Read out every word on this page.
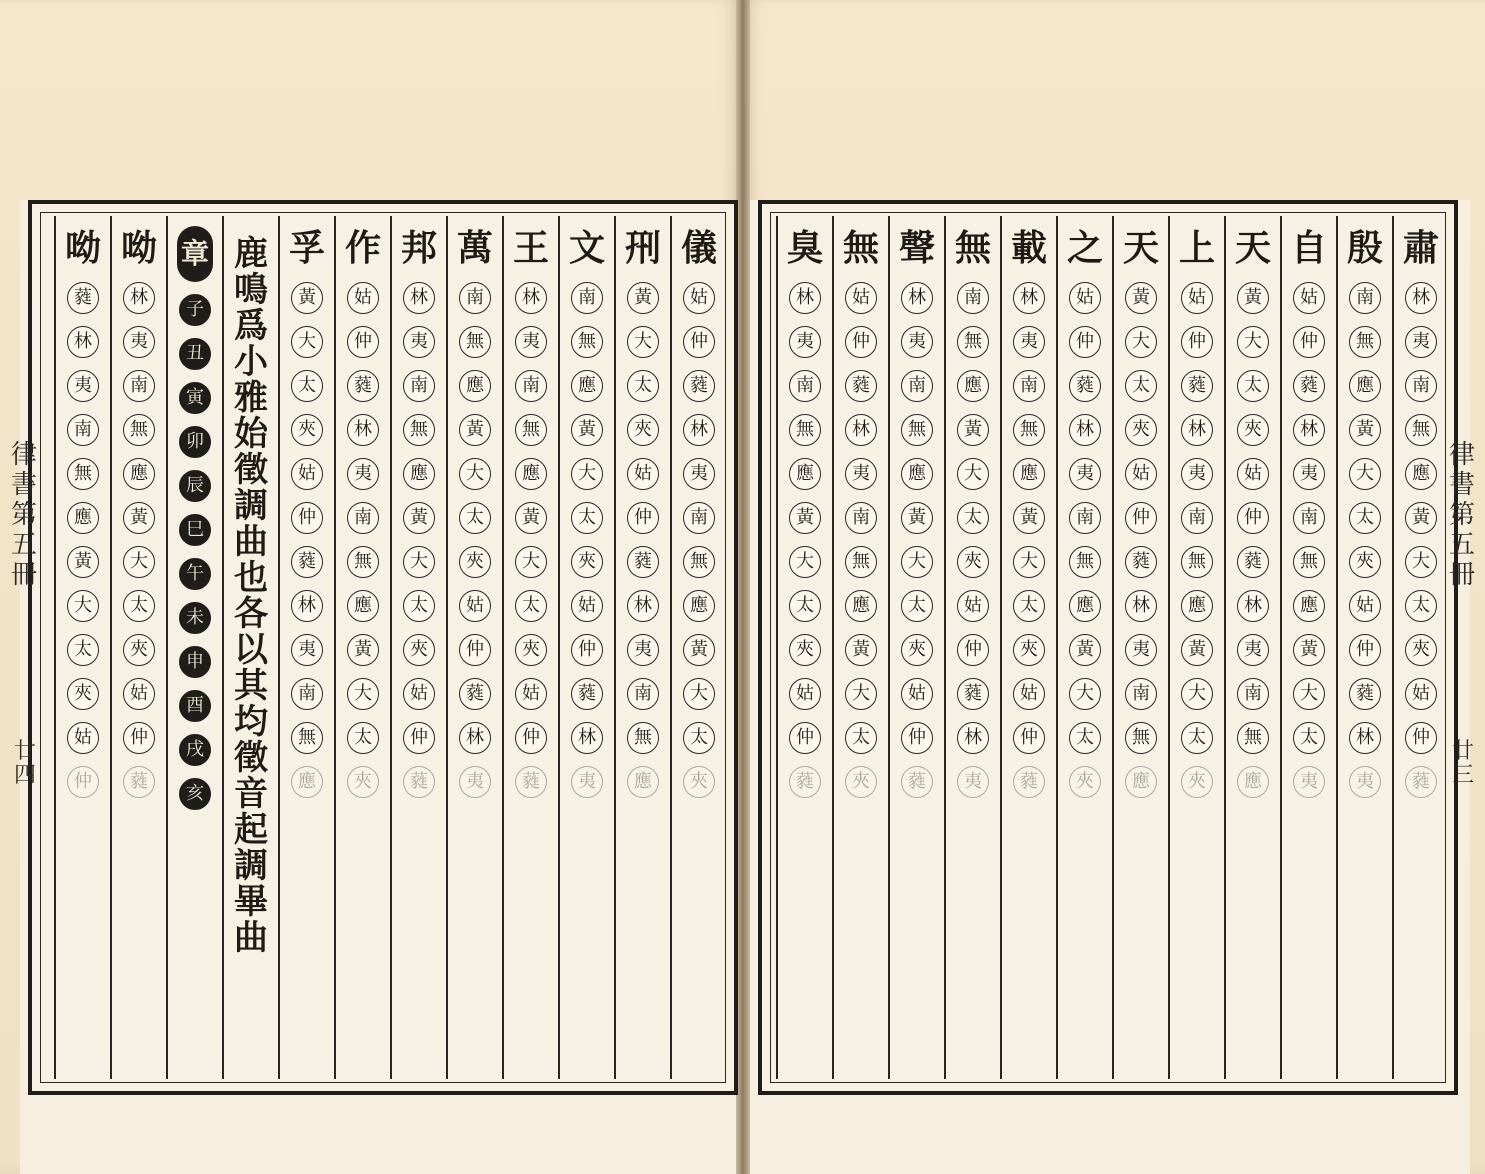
儀
姑
仲
蕤
林
夷
南
無
應
黃
大
太
夾
𠛬
黃
大
太
夾
姑
仲
蕤
林
夷
南
無
應
文
南
無
應
黃
大
太
夾
姑
仲
蕤
林
夷
王
林
夷
南
無
應
黃
大
太
夾
姑
仲
蕤
萬
南
無
應
黃
大
太
夾
姑
仲
蕤
林
夷
邦
林
夷
南
無
應
黃
大
太
夾
姑
仲
蕤
作
姑
仲
蕤
林
夷
南
無
應
黃
大
太
夾
孚
黃
大
太
夾
姑
仲
蕤
林
夷
南
無
應
鹿
鳴
爲
小
雅
始
徵
調
曲
也
各
以
其
均
徵
音
起
調
畢
曲
章
子
丑
寅
卯
辰
巳
午
未
申
酉
戌
亥
呦
林
夷
南
無
應
黃
大
太
夾
姑
仲
蕤
呦
蕤
林
夷
南
無
應
黃
大
太
夾
姑
仲
肅
林
夷
南
無
應
黃
大
太
夾
姑
仲
蕤
殷
南
無
應
黃
大
太
夾
姑
仲
蕤
林
夷
自
姑
仲
蕤
林
夷
南
無
應
黃
大
太
夷
天
黃
大
太
夾
姑
仲
蕤
林
夷
南
無
應
上
姑
仲
蕤
林
夷
南
無
應
黃
大
太
夾
天
黃
大
太
夾
姑
仲
蕤
林
夷
南
無
應
之
姑
仲
蕤
林
夷
南
無
應
黃
大
太
夾
載
林
夷
南
無
應
黃
大
太
夾
姑
仲
蕤
無
南
無
應
黃
大
太
夾
姑
仲
蕤
林
夷
聲
林
夷
南
無
應
黃
大
太
夾
姑
仲
蕤
無
姑
仲
蕤
林
夷
南
無
應
黃
大
太
夾
臭
林
夷
南
無
應
黃
大
太
夾
姑
仲
蕤
律書第五冊
廿四
律書第五冊
廿三
